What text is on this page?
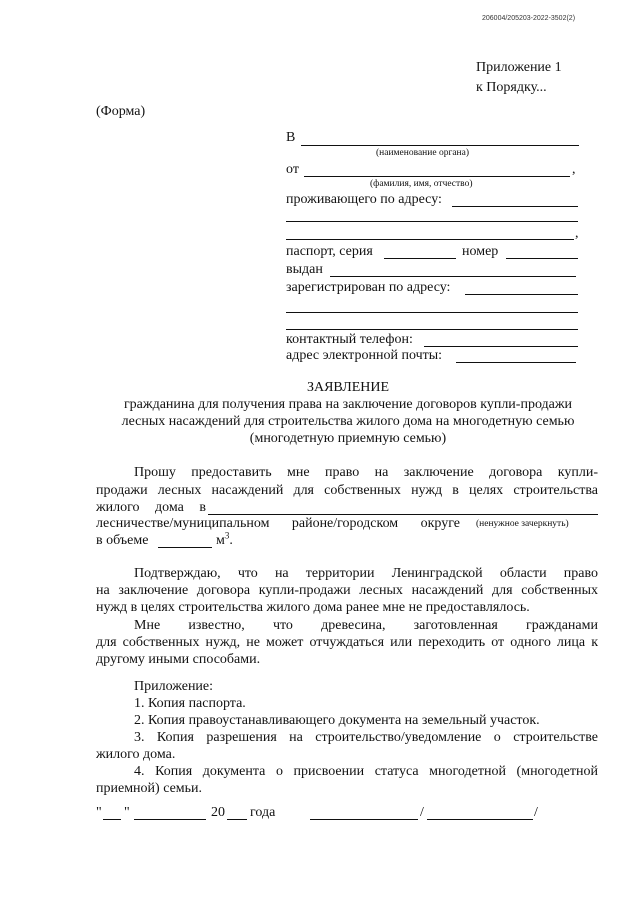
206004/205203-2022-3502(2)
Приложение 1
к Порядку...
(Форма)
В
(наименование органа)
от	,
(фамилия, имя, отчество)
проживающего по адресу:
,
паспорт, серия	номер
выдан
зарегистрирован по адресу:
контактный телефон:
адрес электронной почты:
ЗАЯВЛЕНИЕ
гражданина для получения права на заключение договоров купли-продажи
лесных насаждений для строительства жилого дома на многодетную семью
(многодетную приемную семью)
Прошу предоставить мне право на заключение договора купли-
продажи лесных насаждений для собственных нужд в целях строительства
жилого дома в
лесничестве/муниципальном районе/городском округе (ненужное зачеркнуть)
в объеме	$м^3$.
Подтверждаю, что на территории Ленинградской области право
на заключение договора купли-продажи лесных насаждений для собственных
нужд в целях строительства жилого дома ранее мне не предоставлялось.
Мне известно, что древесина, заготовленная гражданами
для собственных нужд, не может отчуждаться или переходить от одного лица к
другому иными способами.
Приложение:
1. Копия паспорта.
2. Копия правоустанавливающего документа на земельный участок.
3. Копия разрешения на строительство/уведомление о строительстве
жилого дома.
4. Копия документа о присвоении статуса многодетной (многодетной
приемной) семьи.
" "	20 года	/	/
